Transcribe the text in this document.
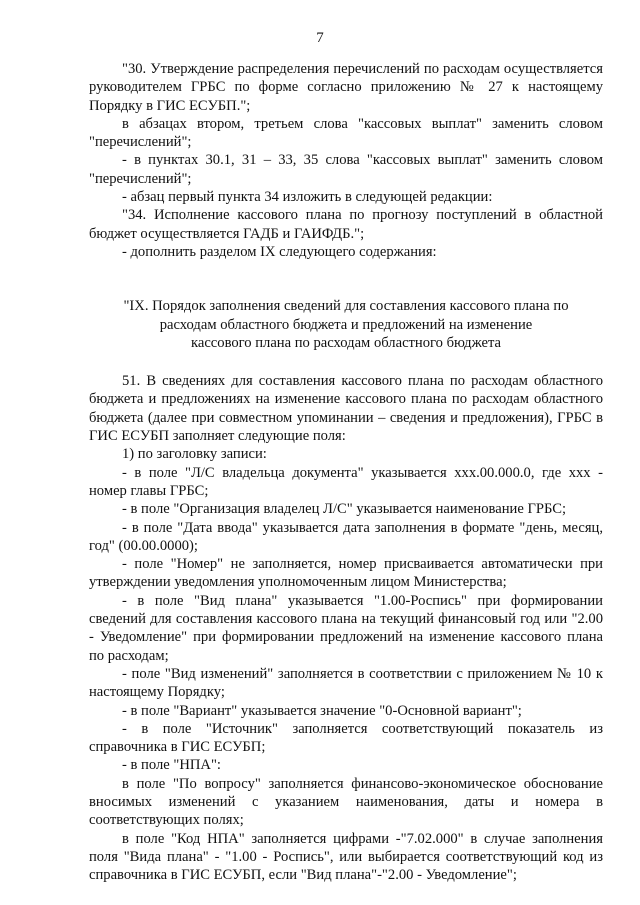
7

"30. Утверждение распределения перечислений по расходам осуществляется руководителем ГРБС по форме согласно приложению № 27 к настоящему Порядку в ГИС ЕСУБП.";

в абзацах втором, третьем слова "кассовых выплат" заменить словом "перечислений";

- в пунктах 30.1, 31 – 33, 35 слова "кассовых выплат" заменить словом "перечислений";

- абзац первый пункта 34 изложить в следующей редакции:

"34. Исполнение кассового плана по прогнозу поступлений в областной бюджет осуществляется ГАДБ и ГАИФДБ.";

- дополнить разделом IX следующего содержания:

"IX. Порядок заполнения сведений для составления кассового плана по
расходам областного бюджета и предложений на изменение
кассового плана по расходам областного бюджета

51. В сведениях для составления кассового плана по расходам областного бюджета и предложениях на изменение кассового плана по расходам областного бюджета (далее при совместном упоминании – сведения и предложения), ГРБС в ГИС ЕСУБП заполняет следующие поля:

1) по заголовку записи:

- в поле "Л/С владельца документа" указывается xxx.00.000.0, где xxx - номер главы ГРБС;

- в поле "Организация владелец Л/С" указывается наименование ГРБС;

- в поле "Дата ввода" указывается дата заполнения в формате "день, месяц, год" (00.00.0000);

- поле "Номер" не заполняется, номер присваивается автоматически при утверждении уведомления уполномоченным лицом Министерства;

- в поле "Вид плана" указывается "1.00-Роспись" при формировании сведений для составления кассового плана на текущий финансовый год или "2.00 - Уведомление" при формировании предложений на изменение кассового плана по расходам;

- поле "Вид изменений" заполняется в соответствии с приложением № 10 к настоящему Порядку;

- в поле "Вариант" указывается значение "0-Основной вариант";

- в поле "Источник" заполняется соответствующий показатель из справочника в ГИС ЕСУБП;

- в поле "НПА":

в поле "По вопросу" заполняется финансово-экономическое обоснование вносимых изменений с указанием наименования, даты и номера в соответствующих полях;

в поле "Код НПА" заполняется цифрами -"7.02.000" в случае заполнения поля "Вида плана" - "1.00 - Роспись", или выбирается соответствующий код из справочника в ГИС ЕСУБП, если "Вид плана"-"2.00 - Уведомление";
